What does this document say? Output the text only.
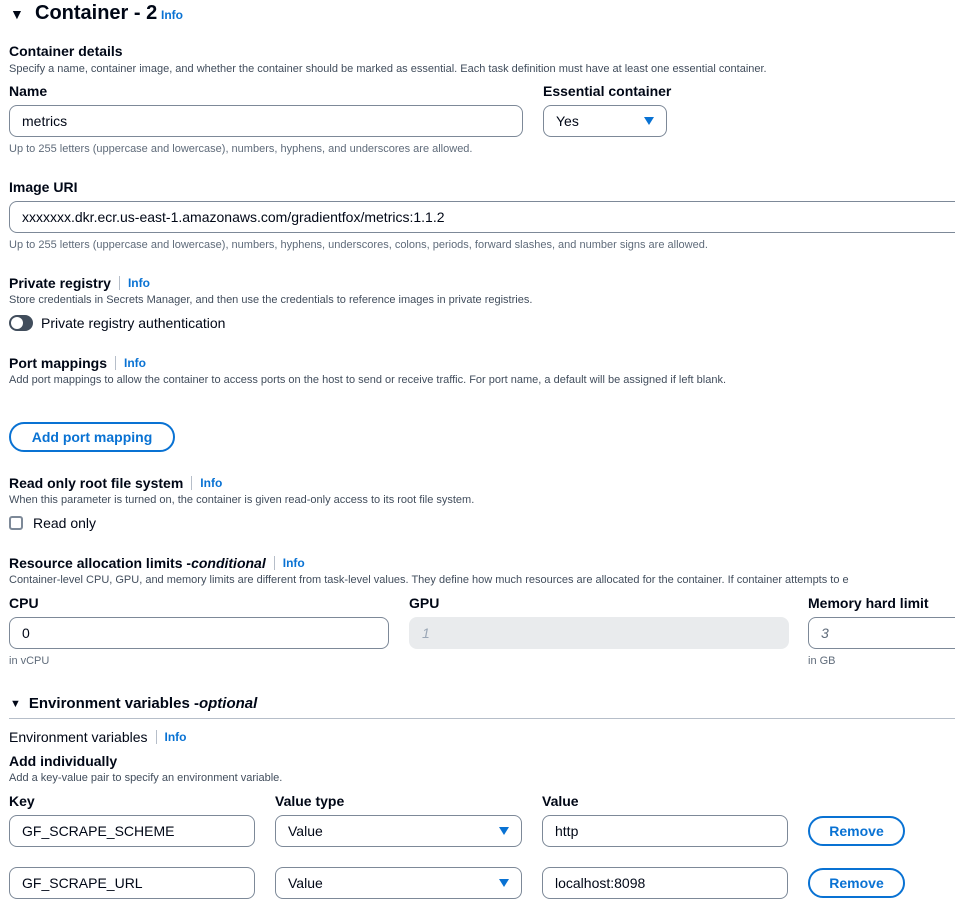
▼ Container - 2 Info
Container details
Specify a name, container image, and whether the container should be marked as essential. Each task definition must have at least one essential container.
Name
metrics
Up to 255 letters (uppercase and lowercase), numbers, hyphens, and underscores are allowed.
Essential container
Yes
Image URI
xxxxxxx.dkr.ecr.us-east-1.amazonaws.com/gradientfox/metrics:1.1.2
Up to 255 letters (uppercase and lowercase), numbers, hyphens, underscores, colons, periods, forward slashes, and number signs are allowed.
Private registry Info
Store credentials in Secrets Manager, and then use the credentials to reference images in private registries.
Private registry authentication
Port mappings Info
Add port mappings to allow the container to access ports on the host to send or receive traffic. For port name, a default will be assigned if left blank.
Add port mapping
Read only root file system Info
When this parameter is turned on, the container is given read-only access to its root file system.
Read only
Resource allocation limits - conditional Info
Container-level CPU, GPU, and memory limits are different from task-level values. They define how much resources are allocated for the container. If container attempts to e
CPU
0
in vCPU
GPU
1
Memory hard limit
3
in GB
▼ Environment variables - optional
Environment variables Info
Add individually
Add a key-value pair to specify an environment variable.
Key	Value type	Value
GF_SCRAPE_SCHEME	Value	http	Remove
GF_SCRAPE_URL	Value	localhost:8098	Remove
